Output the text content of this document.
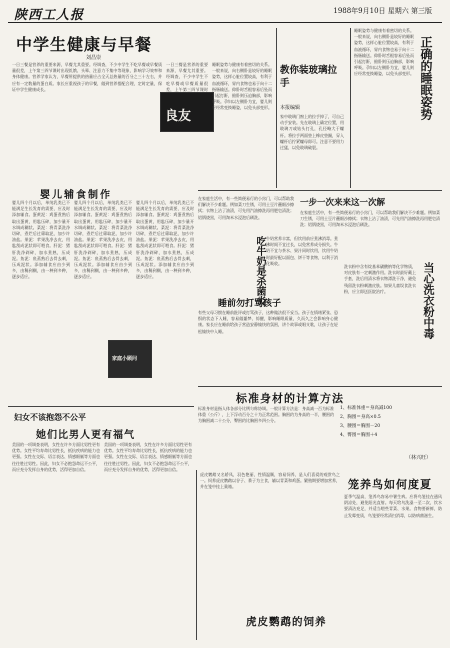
陕西工人报	1988年9月10日 星期六 第三版
中学生健康与早餐
刘昌崇
一日三餐是营养的重要来源，早餐尤其重要。经调查，不少中学生不吃早餐或早餐质量很差，上午第三四节课时出现饥饿、头晕、注意力不集中等现象，影响学习效率和身体健康。营养学家认为，早餐所提供的热量应占全天总热量的百分之三十左右，并应有一定数量的蛋白质。家长应重视孩子的早餐，做到营养搭配合理，定时定量，保证中学生健康成长。
一日三餐是营养的重要来源，早餐尤其重要。经调查，不少中学生不吃早餐或早餐质量很差，上午第三四节课时
良友
睡眠姿势与健康有着密切的关系。一般来说，向右侧卧是较好的睡眠姿势，这样心脏位置较高，有利于血液循环，胃内食物也易于向十二指肠输送。仰卧时舌根容易后坠而引起打鼾，俯卧则压迫胸部，影响呼吸。孕妇以左侧卧为宜，婴儿则应经常变换睡姿，以免头部变形。
婴儿辅食制作
婴儿四个月以后，单纯乳类已不能满足生长发育的需要，应及时添加辅食。蛋黄泥：鸡蛋煮熟后取出蛋黄，用匙压碎，加少量开水调成糊状。菜泥：将青菜洗净切碎，煮烂后过筛取泥，加少许油盐。果泥：苹果洗净去皮，用匙刮成泥状即可喂食。肝泥：猪肝洗净剁碎，加水煮熟，压成泥。鱼泥：鱼蒸熟后去骨去刺，压成泥状。添加辅食应由少到多，由稀到稠，由一种到多种，逐步适应。
婴儿四个月以后，单纯乳类已不能满足生长发育的需要，应及时添加辅食。蛋黄泥：鸡蛋煮熟后取出蛋黄，用匙压碎，加少量开水调成糊状。菜泥：将青菜洗净切碎，煮烂后过筛取泥，加少许油盐。果泥：苹果洗净去皮，用匙刮成泥状即可喂食。肝泥：猪肝洗净剁碎，加水煮熟，压成泥。鱼泥：鱼蒸熟后去骨去刺，压成泥状。添加辅食应由少到多，由稀到稠，由一种到多种，逐步适应。
婴儿四个月以后，单纯乳类已不能满足生长发育的需要，应及时添加辅食。蛋黄泥：鸡蛋煮熟后取出蛋黄，用匙压碎，加少量开水调成糊状。菜泥：将青菜洗净切碎，煮烂后过筛取泥，加少许油盐。果泥：苹果洗净去皮，用匙刮成泥状即可喂食。肝泥：猪肝洗净剁碎，加水煮熟，压成泥。鱼泥：鱼蒸熟后去骨去刺，压成泥状。添加辅食应由少到多，由稀到稠，由一种到多种，逐步适应。
家庭小顾问
教你装玻璃拉手
本报编辑
家中玻璃门窗上的拉手掉了，可自己动手安装。先在玻璃上确定位置，用玻璃刀或钻头打孔，孔径略大于螺杆。将拉手两面垫上橡皮垫圈，穿入螺杆后拧紧螺母即可。注意不要用力过猛，以免玻璃破裂。
正确的睡眠姿势
睡眠姿势与健康有着密切的关系。一般来说，向右侧卧是较好的睡眠姿势，这样心脏位置较高，有利于血液循环，胃内食物也易于向十二指肠输送。仰卧时舌根容易后坠而引起打鼾，俯卧则压迫胸部，影响呼吸。孕妇以左侧卧为宜，婴儿则应经常变换睡姿，以免头部变形。
一步一次来来这一次解
在家庭生活中，有一些简便易行的小窍门，可以帮助我们解决不少难题。例如菜刀生锈，可用土豆片蘸细沙擦拭；衣物上沾了油渍，可先用汽油擦洗再用肥皂清洗；铝锅烧黑，可用淘米水浸泡后刷洗。
在家庭生活中，有一些简便易行的小窍门，可以帮助我们解决不少难题。例如菜刀生锈，可用土豆片蘸细沙擦拭；衣物上沾了油渍，可先用汽油擦洗再用肥皂清洗；铝锅烧黑，可用淘米水浸泡后刷洗。
吃牛奶是杀菌炎 牛奶营养丰富，但饮用前应煮沸消毒。煮沸时间不宜过长，以免营养成分损失。牛奶不宜与茶水、果汁同时饮用，饮用牛奶时最好配以面包、饼干等食物，以利于消化吸收。	当心洗衣粉中毒
洗衣粉中含有烷基苯磺酸钠等化学物质，对皮肤有一定刺激作用。洗衣时最好戴上手套，洗后用清水将衣物漂洗干净，避免残留洗衣粉刺激皮肤。如果儿童误食洗衣粉，应立即送医院治疗。
睡前勿打骂孩子
有些父母习惯在睡前批评或打骂孩子，这种做法很不妥当。孩子在情绪紧张、恐惧的状态下入睡，容易做噩梦、惊醒，影响睡眠质量，久而久之会影响身心健康。家长应在睡前给孩子营造安静愉快的氛围，讲个故事或唱支歌，让孩子在轻松愉快中入睡。
标准身材的计算方法
标准身材是指人体各部分比例匀称协调。一般计算方法是：身高减一百为标准体重（公斤），上下浮动百分之十为正常范围。胸围约为身高的一半，腰围约为胸围减二十公分，臀围约比胸围多四公分。
1、标准体重＝身高减100
2、胸围＝身高×0.5
3、腰围＝胸围－20
4、臀围＝胸围＋4
（林兴旺）
妇女不该抱怨不公平
她们比男人更有福气
美国的一项调查表明，女性在许多方面比男性更有优势。女性平均寿命比男性长，抵抗疾病的能力也更强。女性在交际、语言表达、情感细腻等方面也往往胜过男性。因此，妇女不必抱怨命运不公平，而应充分发挥自身的优势，活得更加自信。
美国的一项调查表明，女性在许多方面比男性更有优势。女性平均寿命比男性长，抵抗疾病的能力也更强。女性在交际、语言表达、情感细腻等方面也往往胜过男性。因此，妇女不必抱怨命运不公平，而应充分发挥自身的优势，活得更加自信。
虎皮鹦鹉又名娇凤，羽色艳丽，性情温顺，容易饲养，是人们喜爱的观赏鸟之一。饲养虎皮鹦鹉以谷子、黍子为主食，辅以青菜和鸡蛋。繁殖期要增加营养，并在笼中挂上巢箱。
虎皮鹦鹉的饲养
笼养鸟如何度夏
夏季气温高，笼养鸟容易中暑生病。应将鸟笼挂在通风阴凉处，避免阳光直射。每天给鸟洗澡一至二次，饮水要清洁充足，并适当喂些青菜、水果。食物要新鲜，防止发霉变质，鸟笼要经常清扫消毒，以防病菌滋生。
